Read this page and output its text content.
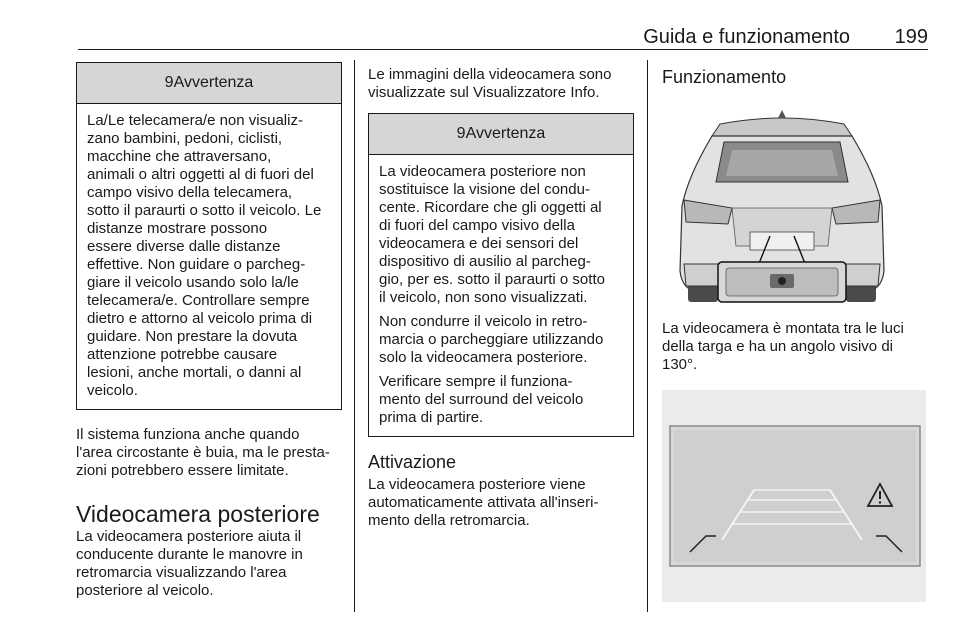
Guida e funzionamento 199
9Avvertenza

La/Le telecamera/e non visualiz-
zano bambini, pedoni, ciclisti,
macchine che attraversano,
animali o altri oggetti al di fuori del
campo visivo della telecamera,
sotto il paraurti o sotto il veicolo. Le
distanze mostrare possono
essere diverse dalle distanze
effettive. Non guidare o parcheg-
giare il veicolo usando solo la/le
telecamera/e. Controllare sempre
dietro e attorno al veicolo prima di
guidare. Non prestare la dovuta
attenzione potrebbe causare
lesioni, anche mortali, o danni al
veicolo.

Il sistema funziona anche quando
l'area circostante è buia, ma le presta-
zioni potrebbero essere limitate.

Videocamera posteriore

La videocamera posteriore aiuta il
conducente durante le manovre in
retromarcia visualizzando l'area
posteriore al veicolo.

Le immagini della videocamera sono
visualizzate sul Visualizzatore Info.

9Avvertenza

La videocamera posteriore non
sostituisce la visione del condu-
cente. Ricordare che gli oggetti al
di fuori del campo visivo della
videocamera e dei sensori del
dispositivo di ausilio al parcheg-
gio, per es. sotto il paraurti o sotto
il veicolo, non sono visualizzati.

Non condurre il veicolo in retro-
marcia o parcheggiare utilizzando
solo la videocamera posteriore.

Verificare sempre il funziona-
mento del surround del veicolo
prima di partire.

Attivazione

La videocamera posteriore viene
automaticamente attivata all'inseri-
mento della retromarcia.

Funzionamento

La videocamera è montata tra le luci
della targa e ha un angolo visivo di
130°.
